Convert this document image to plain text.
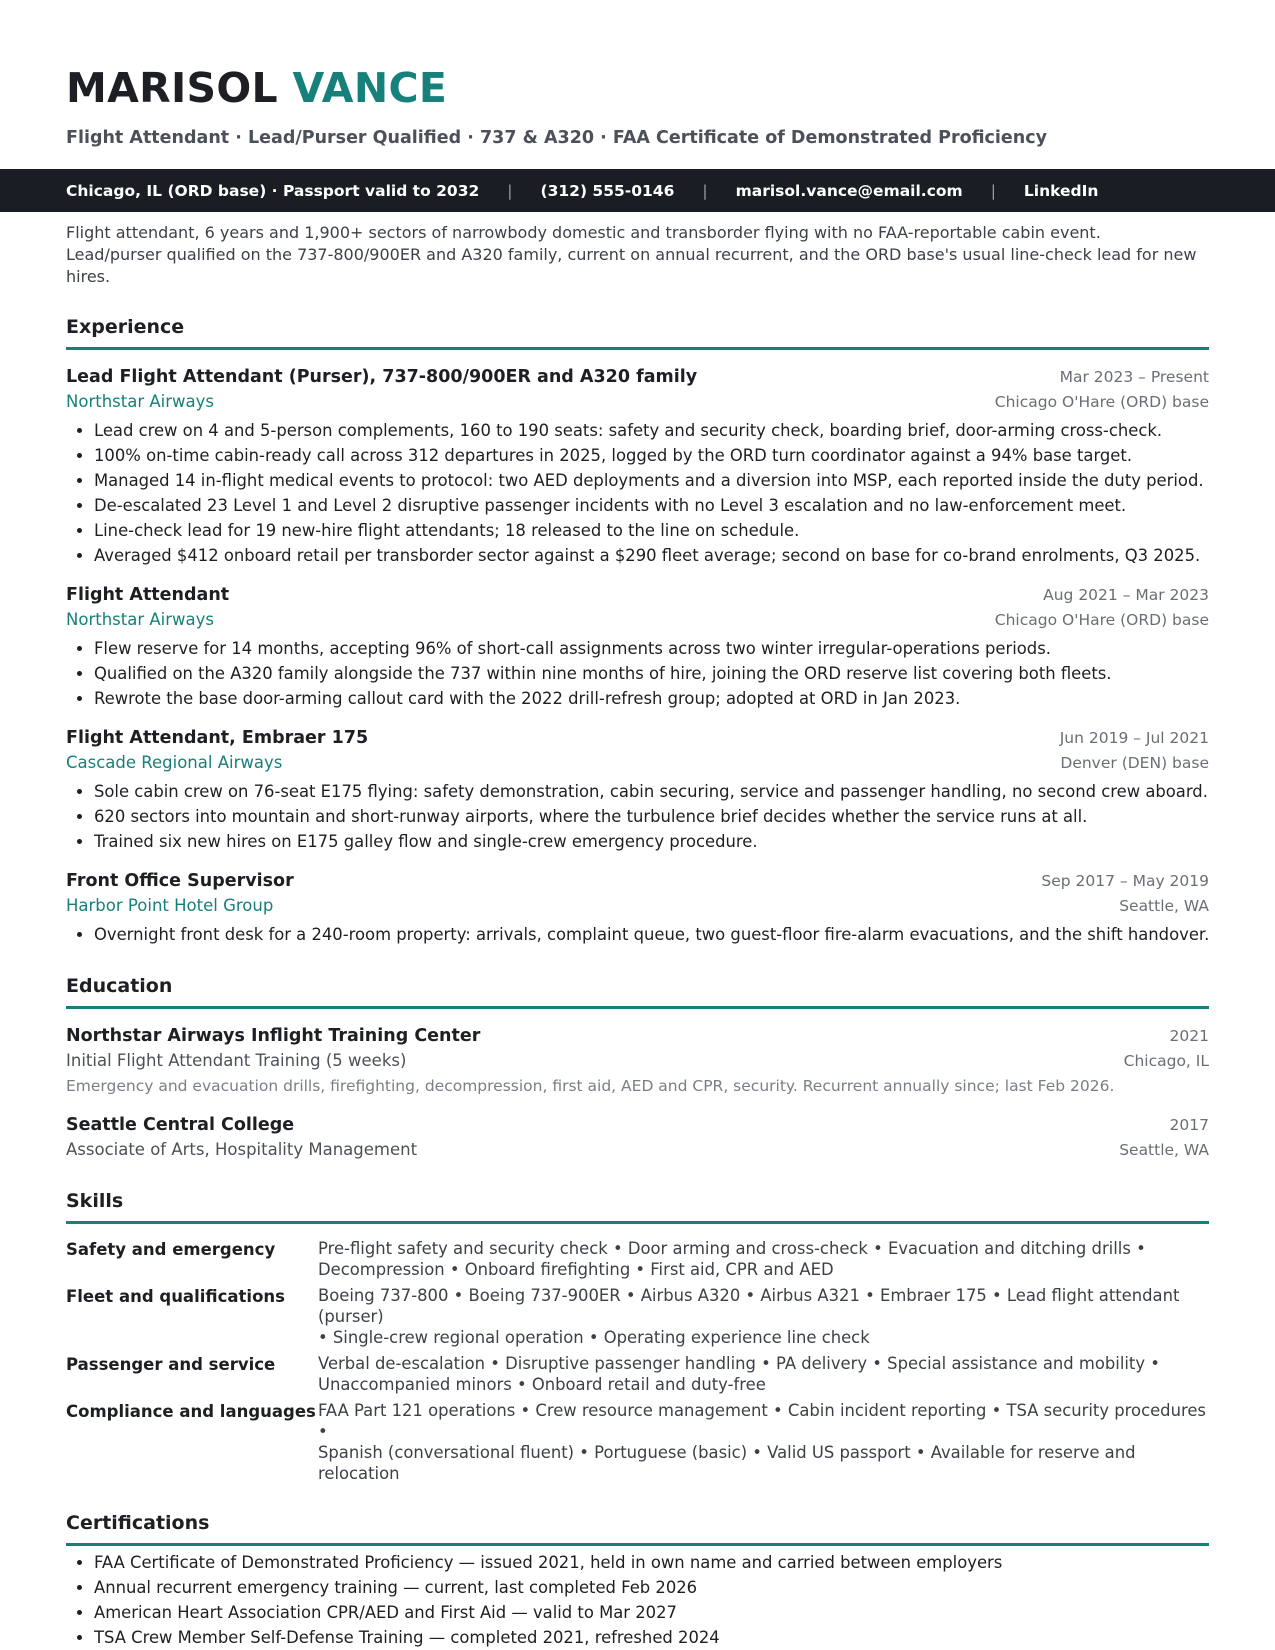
MARISOL VANCE
Flight Attendant · Lead/Purser Qualified · 737 & A320 · FAA Certificate of Demonstrated Proficiency
Chicago, IL (ORD base) · Passport valid to 2032 | (312) 555-0146 | marisol.vance@email.com | LinkedIn
Flight attendant, 6 years and 1,900+ sectors of narrowbody domestic and transborder flying with no FAA-reportable cabin event.
Lead/purser qualified on the 737-800/900ER and A320 family, current on annual recurrent, and the ORD base's usual line-check lead for new
hires.
Experience
Lead Flight Attendant (Purser), 737-800/900ER and A320 family	Mar 2023 – Present
Northstar Airways	Chicago O'Hare (ORD) base
• Lead crew on 4 and 5-person complements, 160 to 190 seats: safety and security check, boarding brief, door-arming cross-check.
• 100% on-time cabin-ready call across 312 departures in 2025, logged by the ORD turn coordinator against a 94% base target.
• Managed 14 in-flight medical events to protocol: two AED deployments and a diversion into MSP, each reported inside the duty period.
• De-escalated 23 Level 1 and Level 2 disruptive passenger incidents with no Level 3 escalation and no law-enforcement meet.
• Line-check lead for 19 new-hire flight attendants; 18 released to the line on schedule.
• Averaged $412 onboard retail per transborder sector against a $290 fleet average; second on base for co-brand enrolments, Q3 2025.
Flight Attendant	Aug 2021 – Mar 2023
Northstar Airways	Chicago O'Hare (ORD) base
• Flew reserve for 14 months, accepting 96% of short-call assignments across two winter irregular-operations periods.
• Qualified on the A320 family alongside the 737 within nine months of hire, joining the ORD reserve list covering both fleets.
• Rewrote the base door-arming callout card with the 2022 drill-refresh group; adopted at ORD in Jan 2023.
Flight Attendant, Embraer 175	Jun 2019 – Jul 2021
Cascade Regional Airways	Denver (DEN) base
• Sole cabin crew on 76-seat E175 flying: safety demonstration, cabin securing, service and passenger handling, no second crew aboard.
• 620 sectors into mountain and short-runway airports, where the turbulence brief decides whether the service runs at all.
• Trained six new hires on E175 galley flow and single-crew emergency procedure.
Front Office Supervisor	Sep 2017 – May 2019
Harbor Point Hotel Group	Seattle, WA
• Overnight front desk for a 240-room property: arrivals, complaint queue, two guest-floor fire-alarm evacuations, and the shift handover.
Education
Northstar Airways Inflight Training Center	2021
Initial Flight Attendant Training (5 weeks)	Chicago, IL
Emergency and evacuation drills, firefighting, decompression, first aid, AED and CPR, security. Recurrent annually since; last Feb 2026.
Seattle Central College	2017
Associate of Arts, Hospitality Management	Seattle, WA
Skills
Safety and emergency	Pre-flight safety and security check • Door arming and cross-check • Evacuation and ditching drills •
Decompression • Onboard firefighting • First aid, CPR and AED
Fleet and qualifications	Boeing 737-800 • Boeing 737-900ER • Airbus A320 • Airbus A321 • Embraer 175 • Lead flight attendant (purser)
• Single-crew regional operation • Operating experience line check
Passenger and service	Verbal de-escalation • Disruptive passenger handling • PA delivery • Special assistance and mobility •
Unaccompanied minors • Onboard retail and duty-free
Compliance and languages FAA Part 121 operations • Crew resource management • Cabin incident reporting • TSA security procedures •
Spanish (conversational fluent) • Portuguese (basic) • Valid US passport • Available for reserve and relocation
Certifications
• FAA Certificate of Demonstrated Proficiency — issued 2021, held in own name and carried between employers
• Annual recurrent emergency training — current, last completed Feb 2026
• American Heart Association CPR/AED and First Aid — valid to Mar 2027
• TSA Crew Member Self-Defense Training — completed 2021, refreshed 2024
